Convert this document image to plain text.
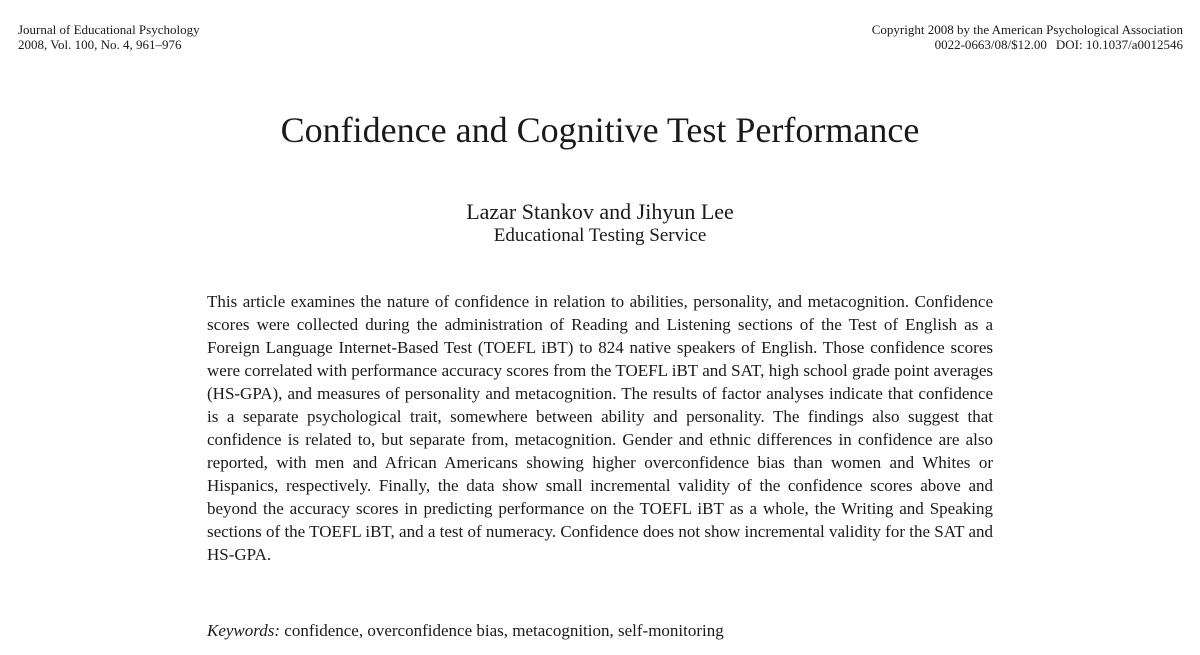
Journal of Educational Psychology
2008, Vol. 100, No. 4, 961–976
Copyright 2008 by the American Psychological Association
0022-0663/08/$12.00 DOI: 10.1037/a0012546
Confidence and Cognitive Test Performance
Lazar Stankov and Jihyun Lee
Educational Testing Service

This article examines the nature of confidence in relation to abilities, personality, and metacognition. Confidence scores were collected during the administration of Reading and Listening sections of the Test of English as a Foreign Language Internet-Based Test (TOEFL iBT) to 824 native speakers of English. Those confidence scores were correlated with performance accuracy scores from the TOEFL iBT and SAT, high school grade point averages (HS-GPA), and measures of personality and metacognition. The results of factor analyses indicate that confidence is a separate psychological trait, somewhere between ability and personality. The findings also suggest that confidence is related to, but separate from, metacognition. Gender and ethnic differences in confidence are also reported, with men and African Americans showing higher overconfidence bias than women and Whites or Hispanics, respectively. Finally, the data show small incremental validity of the confidence scores above and beyond the accuracy scores in predicting performance on the TOEFL iBT as a whole, the Writing and Speaking sections of the TOEFL iBT, and a test of numeracy. Confidence does not show incremental validity for the SAT and HS-GPA.

Keywords: confidence, overconfidence bias, metacognition, self-monitoring
